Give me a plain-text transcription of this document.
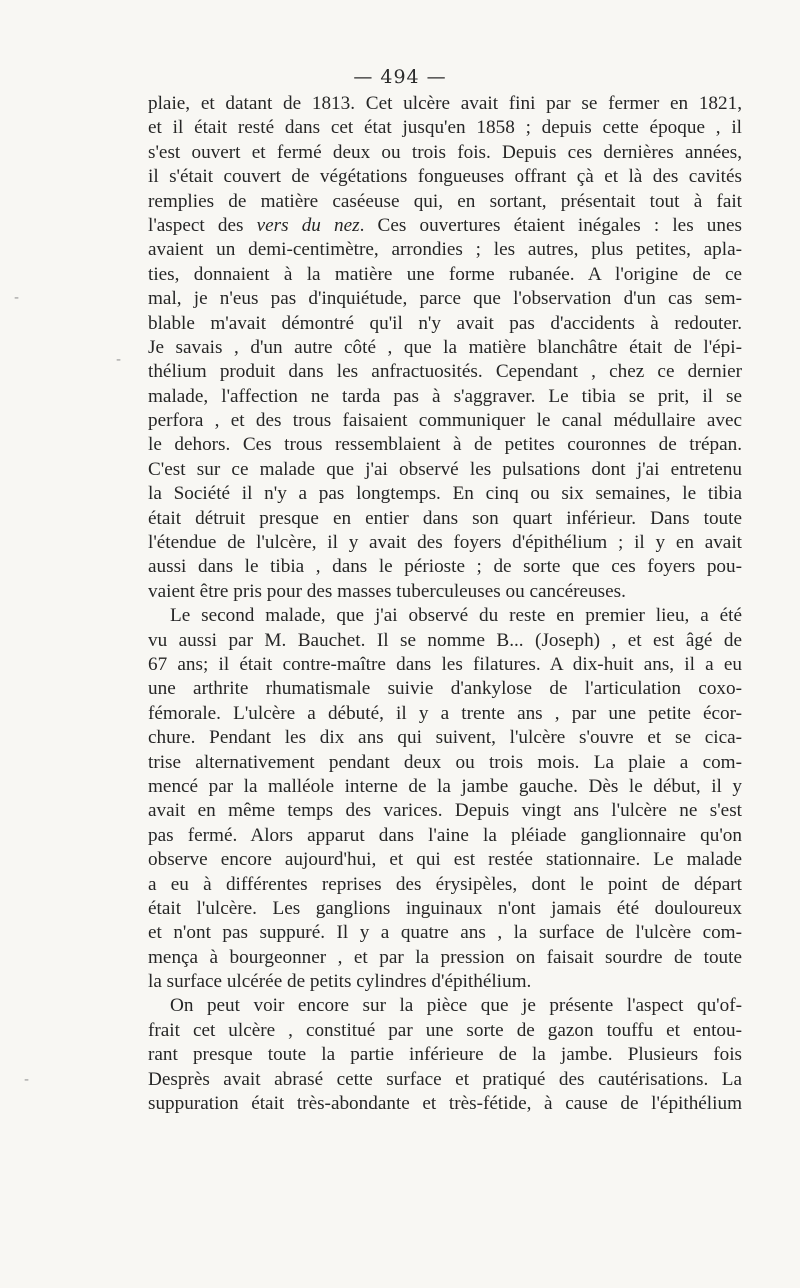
— 494 —
plaie, et datant de 1813. Cet ulcère avait fini par se fermer en 1821,
et il était resté dans cet état jusqu'en 1858 ; depuis cette époque , il
s'est ouvert et fermé deux ou trois fois. Depuis ces dernières années,
il s'était couvert de végétations fongueuses offrant çà et là des cavités
remplies de matière caséeuse qui, en sortant, présentait tout à fait
l'aspect des vers du nez. Ces ouvertures étaient inégales : les unes
avaient un demi-centimètre, arrondies ; les autres, plus petites, apla-
ties, donnaient à la matière une forme rubanée. A l'origine de ce
mal, je n'eus pas d'inquiétude, parce que l'observation d'un cas sem-
blable m'avait démontré qu'il n'y avait pas d'accidents à redouter.
Je savais , d'un autre côté , que la matière blanchâtre était de l'épi-
thélium produit dans les anfractuosités. Cependant , chez ce dernier
malade, l'affection ne tarda pas à s'aggraver. Le tibia se prit, il se
perfora , et des trous faisaient communiquer le canal médullaire avec
le dehors. Ces trous ressemblaient à de petites couronnes de trépan.
C'est sur ce malade que j'ai observé les pulsations dont j'ai entretenu
la Société il n'y a pas longtemps. En cinq ou six semaines, le tibia
était détruit presque en entier dans son quart inférieur. Dans toute
l'étendue de l'ulcère, il y avait des foyers d'épithélium ; il y en avait
aussi dans le tibia , dans le périoste ; de sorte que ces foyers pou-
vaient être pris pour des masses tuberculeuses ou cancéreuses.
Le second malade, que j'ai observé du reste en premier lieu, a été
vu aussi par M. Bauchet. Il se nomme B... (Joseph) , et est âgé de
67 ans; il était contre-maître dans les filatures. A dix-huit ans, il a eu
une arthrite rhumatismale suivie d'ankylose de l'articulation coxo-
fémorale. L'ulcère a débuté, il y a trente ans , par une petite écor-
chure. Pendant les dix ans qui suivent, l'ulcère s'ouvre et se cica-
trise alternativement pendant deux ou trois mois. La plaie a com-
mencé par la malléole interne de la jambe gauche. Dès le début, il y
avait en même temps des varices. Depuis vingt ans l'ulcère ne s'est
pas fermé. Alors apparut dans l'aine la pléiade ganglionnaire qu'on
observe encore aujourd'hui, et qui est restée stationnaire. Le malade
a eu à différentes reprises des érysipèles, dont le point de départ
était l'ulcère. Les ganglions inguinaux n'ont jamais été douloureux
et n'ont pas suppuré. Il y a quatre ans , la surface de l'ulcère com-
mença à bourgeonner , et par la pression on faisait sourdre de toute
la surface ulcérée de petits cylindres d'épithélium.
On peut voir encore sur la pièce que je présente l'aspect qu'of-
frait cet ulcère , constitué par une sorte de gazon touffu et entou-
rant presque toute la partie inférieure de la jambe. Plusieurs fois
Desprès avait abrasé cette surface et pratiqué des cautérisations. La
suppuration était très-abondante et très-fétide, à cause de l'épithélium
-
-
-
